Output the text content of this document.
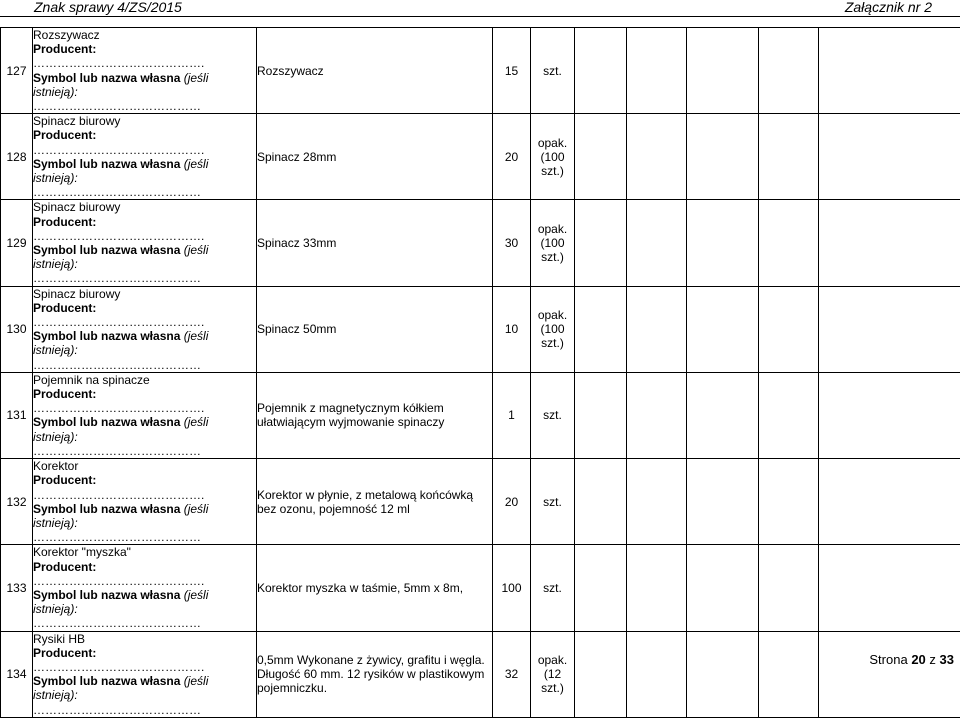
Znak sprawy 4/ZS/2015	Załącznik nr 2
127	Rozszywacz
Producent:
…………………………………….
Symbol lub nazwa własna (jeśli istnieją):
……………………………………	Rozszywacz	15	szt.					
128	Spinacz biurowy
Producent:
…………………………………….
Symbol lub nazwa własna (jeśli istnieją):
……………………………………	Spinacz 28mm	20	opak. (100 szt.)					
129	Spinacz biurowy
Producent:
…………………………………….
Symbol lub nazwa własna (jeśli istnieją):
……………………………………	Spinacz 33mm	30	opak. (100 szt.)					
130	Spinacz biurowy
Producent:
…………………………………….
Symbol lub nazwa własna (jeśli istnieją):
……………………………………	Spinacz 50mm	10	opak. (100 szt.)					
131	Pojemnik na spinacze
Producent:
…………………………………….
Symbol lub nazwa własna (jeśli istnieją):
……………………………………	Pojemnik z magnetycznym kółkiem ułatwiającym wyjmowanie spinaczy	1	szt.					
132	Korektor
Producent:
…………………………………….
Symbol lub nazwa własna (jeśli istnieją):
……………………………………	Korektor w płynie, z metalową końcówką bez ozonu, pojemność 12 ml	20	szt.					
133	Korektor "myszka"
Producent:
…………………………………….
Symbol lub nazwa własna (jeśli istnieją):
……………………………………	Korektor myszka w taśmie, 5mm x 8m,	100	szt.					
134	Rysiki HB
Producent:
…………………………………….
Symbol lub nazwa własna (jeśli istnieją):
……………………………………	0,5mm Wykonane z żywicy, grafitu i węgla. Długość 60 mm. 12 rysików w plastikowym pojemniczku.	32	opak. (12 szt.)					
Strona 20 z 33
